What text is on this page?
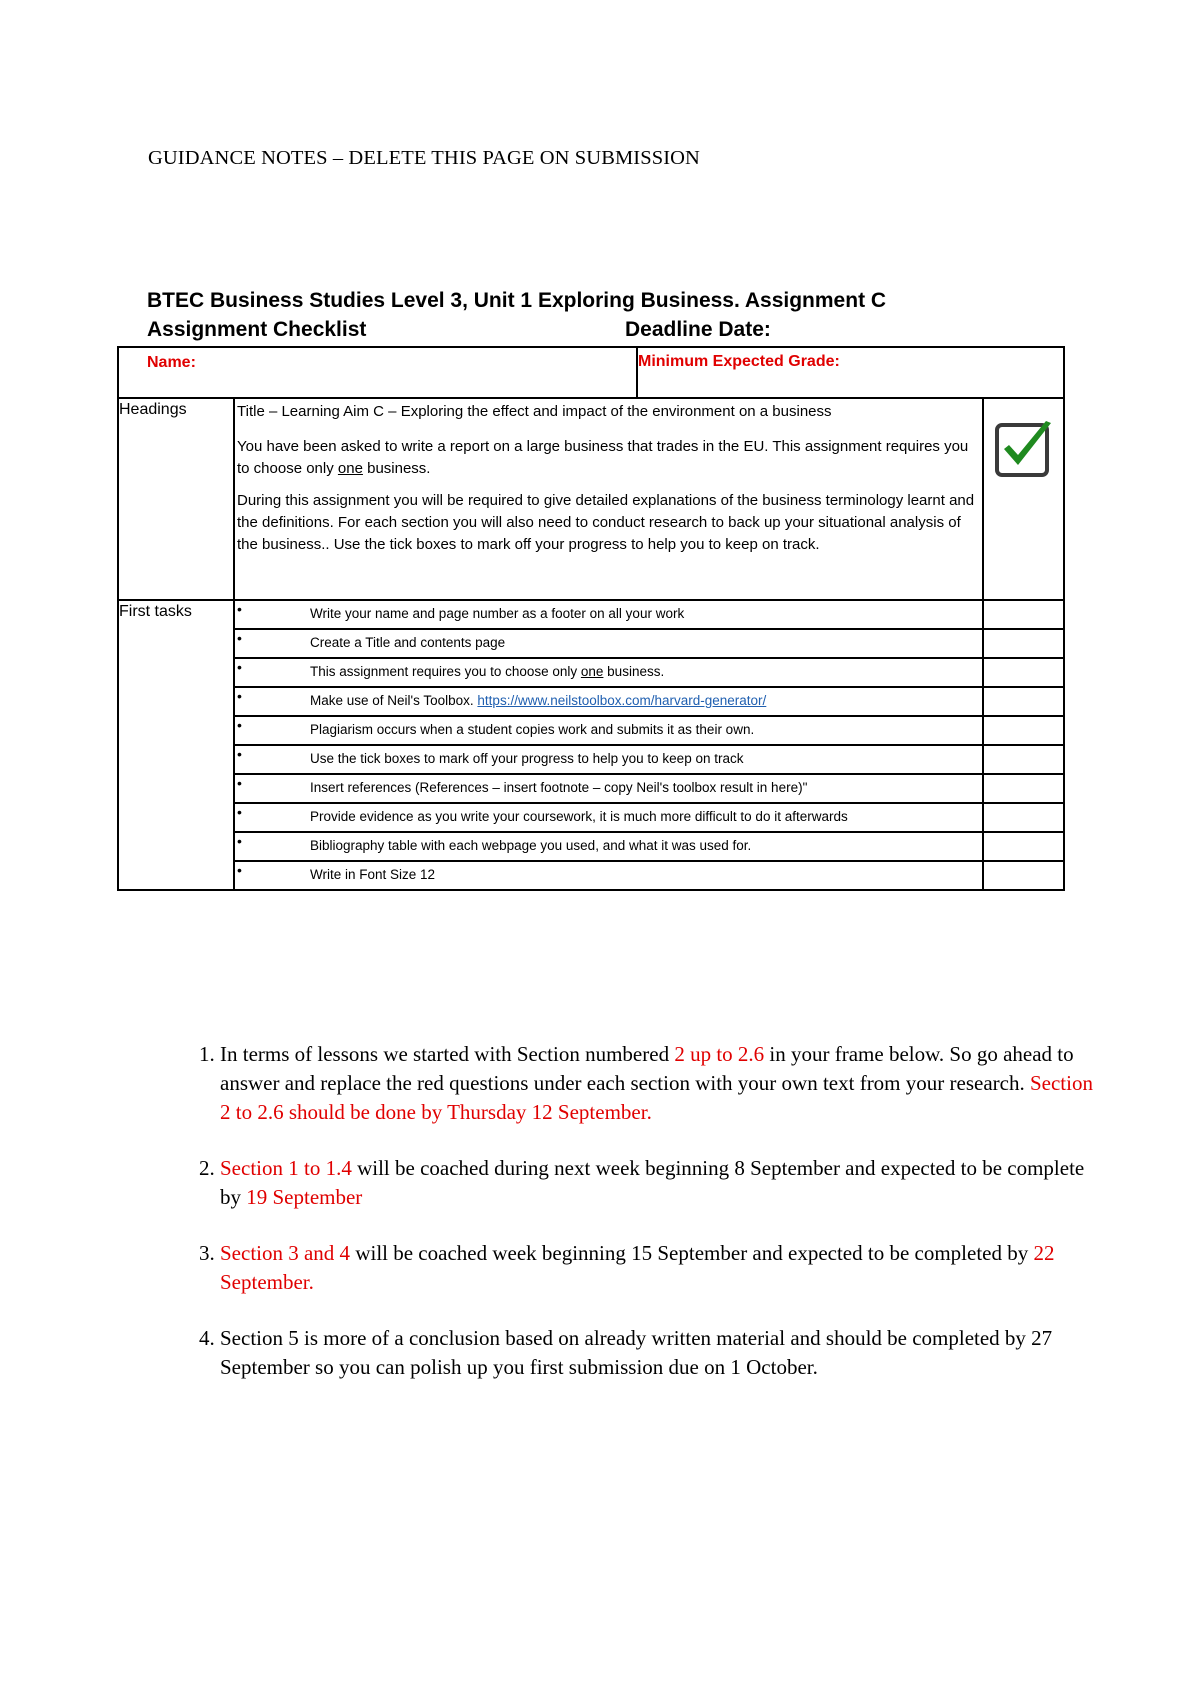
GUIDANCE NOTES – DELETE THIS PAGE ON SUBMISSION
BTEC Business Studies Level 3, Unit 1 Exploring Business. Assignment C
Assignment Checklist	Deadline Date:
Name:		Minimum Expected Grade:	
Headings	Title – Learning Aim C – Exploring the effect and impact of the environment on a business

You have been asked to write a report on a large business that trades in the EU. This assignment requires you to choose only one business.

During this assignment you will be required to give detailed explanations of the business terminology learnt and the definitions. For each section you will also need to conduct research to back up your situational analysis of the business.. Use the tick boxes to mark off your progress to help you to keep on track.

First tasks	• Write your name and page number as a footer on all your work		

	• Create a Title and contents page		

	• This assignment requires you to choose only one business.		

	• Make use of Neil's Toolbox. https://www.neilstoolbox.com/harvard-generator/		

	• Plagiarism occurs when a student copies work and submits it as their own.		

	• Use the tick boxes to mark off your progress to help you to keep on track		

	• Insert references (References – insert footnote – copy Neil's toolbox result in here)"		

	• Provide evidence as you write your coursework, it is much more difficult to do it afterwards		

	• Bibliography table with each webpage you used, and what it was used for.		

	• Write in Font Size 12		

1. In terms of lessons we started with Section numbered 2 up to 2.6 in your frame below. So go ahead to answer and replace the red questions under each section with your own text from your research. Section 2 to 2.6 should be done by Thursday 12 September.
2. Section 1 to 1.4 will be coached during next week beginning 8 September and expected to be complete by 19 September
3. Section 3 and 4 will be coached week beginning 15 September and expected to be completed by 22 September.
4. Section 5 is more of a conclusion based on already written material and should be completed by 27 September so you can polish up you first submission due on 1 October.
